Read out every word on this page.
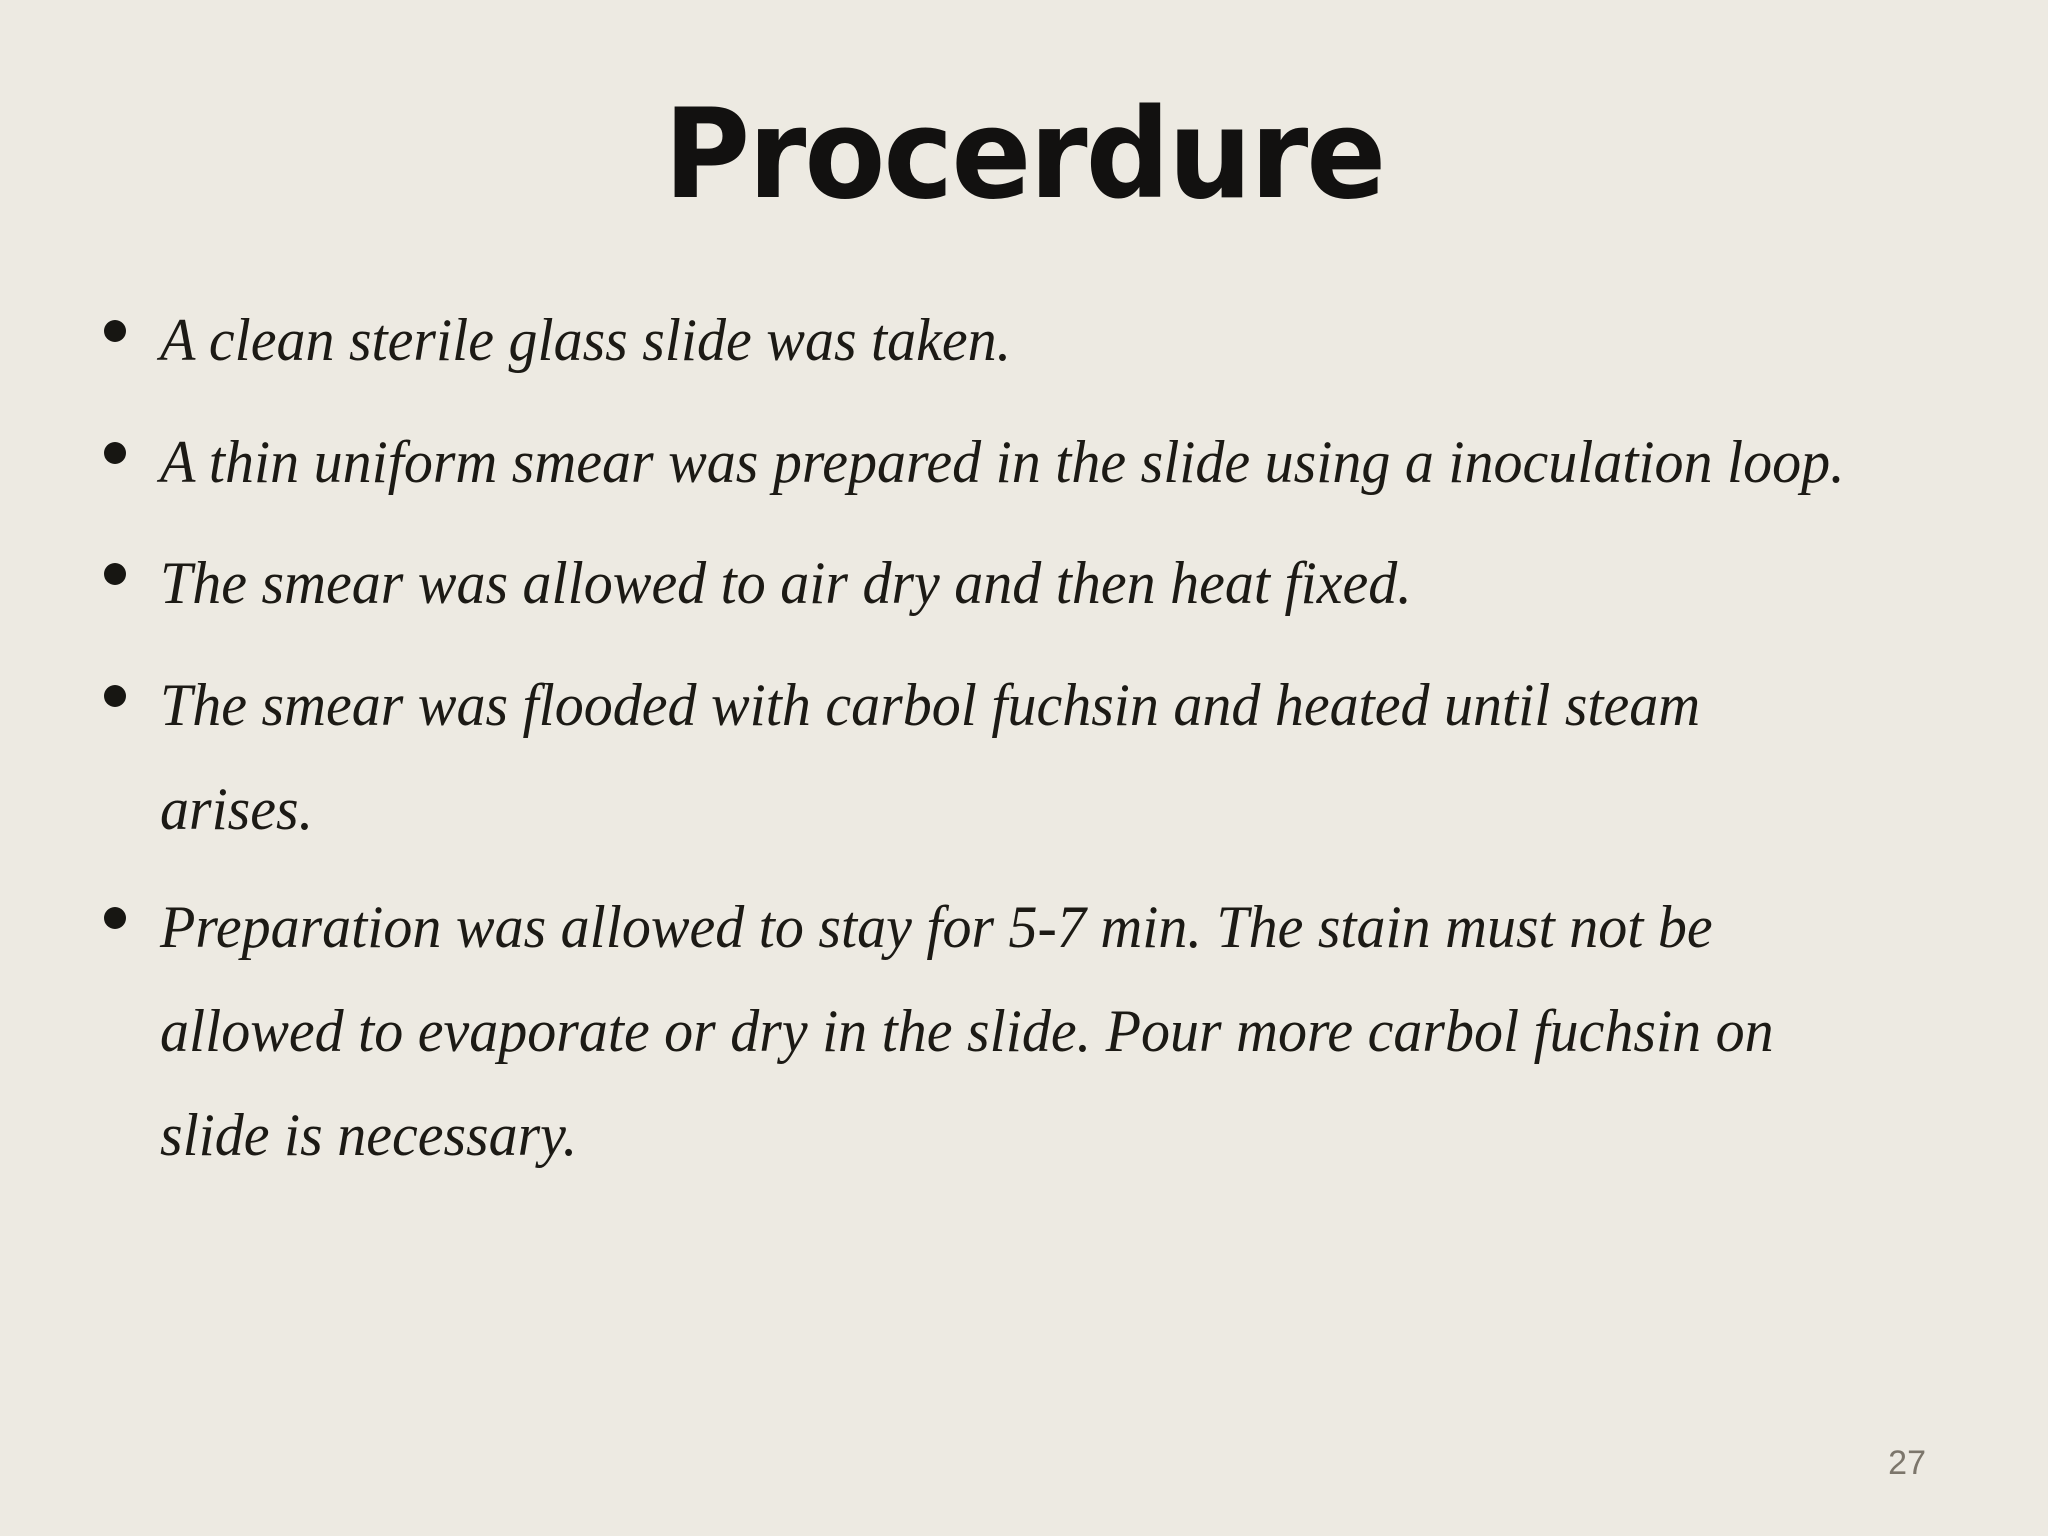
Procerdure
A clean sterile glass slide was taken.
A thin uniform smear was prepared in the slide using a inoculation loop.
The smear was allowed to air dry and then heat fixed.
The smear was flooded with carbol fuchsin and heated until steam arises.
Preparation was allowed to stay for 5-7 min. The stain must not be allowed to evaporate or dry in the slide. Pour more carbol fuchsin on slide is necessary.
27
